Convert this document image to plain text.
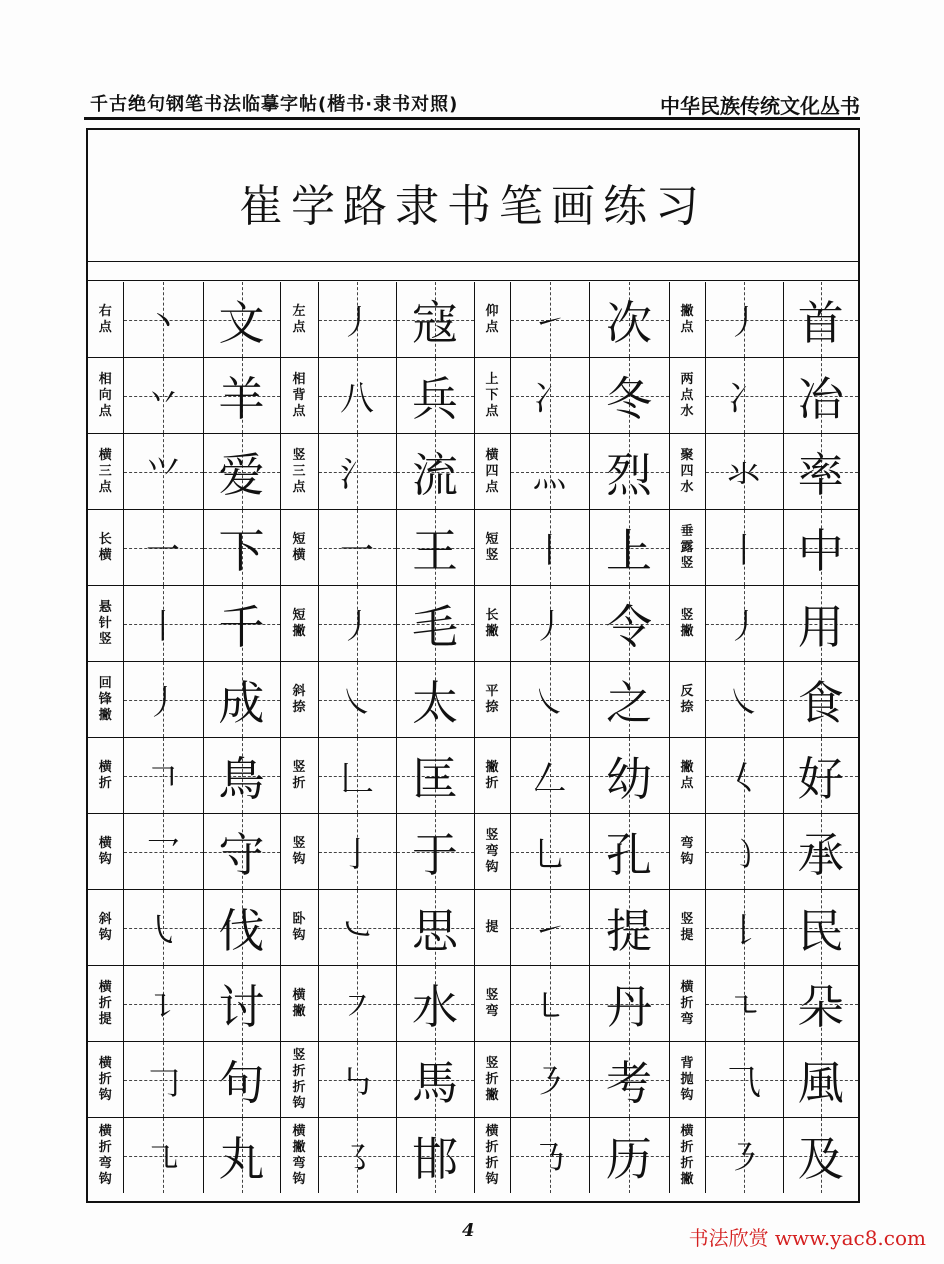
千古绝句钢笔书法临摹字帖(楷书·隶书对照)	中华民族传统文化丛书
崔学路隶书笔画练习
右点	丶	文	左点	丿	寇	仰点	㇀	次	撇点	丿	首
相向点	丷	羊	相背点	八	兵	上下点	冫	冬	两点水	冫	冶
横三点	⺍	爱	竖三点	氵	流	横四点	灬	烈	聚四水	氺	率
长横	一	下	短横	一	王	短竖	丨	上	垂露竖	丨	中
悬针竖	丨	千	短撇	丿	毛	长撇	丿	令	竖撇	丿	用
回锋撇	丿	成	斜捺	㇏	太	平捺	㇏	之	反捺	㇏	食
横折	𠃍	鳥	竖折	𠃊	匡	撇折	𠃋	幼	撇点	𡿨	好
横钩	乛	守	竖钩	亅	于	竖弯钩	乚	孔	弯钩	㇁	承
斜钩	㇂	伐	卧钩	㇃	思	提	㇀	提	竖提	𠄌	民
横折提	㇊	讨	横撇	㇇	水	竖弯	㇄	丹	横折弯	㇍	朵
横折钩	𠃌	句	竖折折钩	㇉	馬	竖折撇	㇋	考	背抛钩	⺄	風
横折弯钩	㇈	丸	横撇弯钩	㇌	邯	横折折钩	㇡	历	横折折撇	㇋	及
4	书法欣赏 www.yac8.com
